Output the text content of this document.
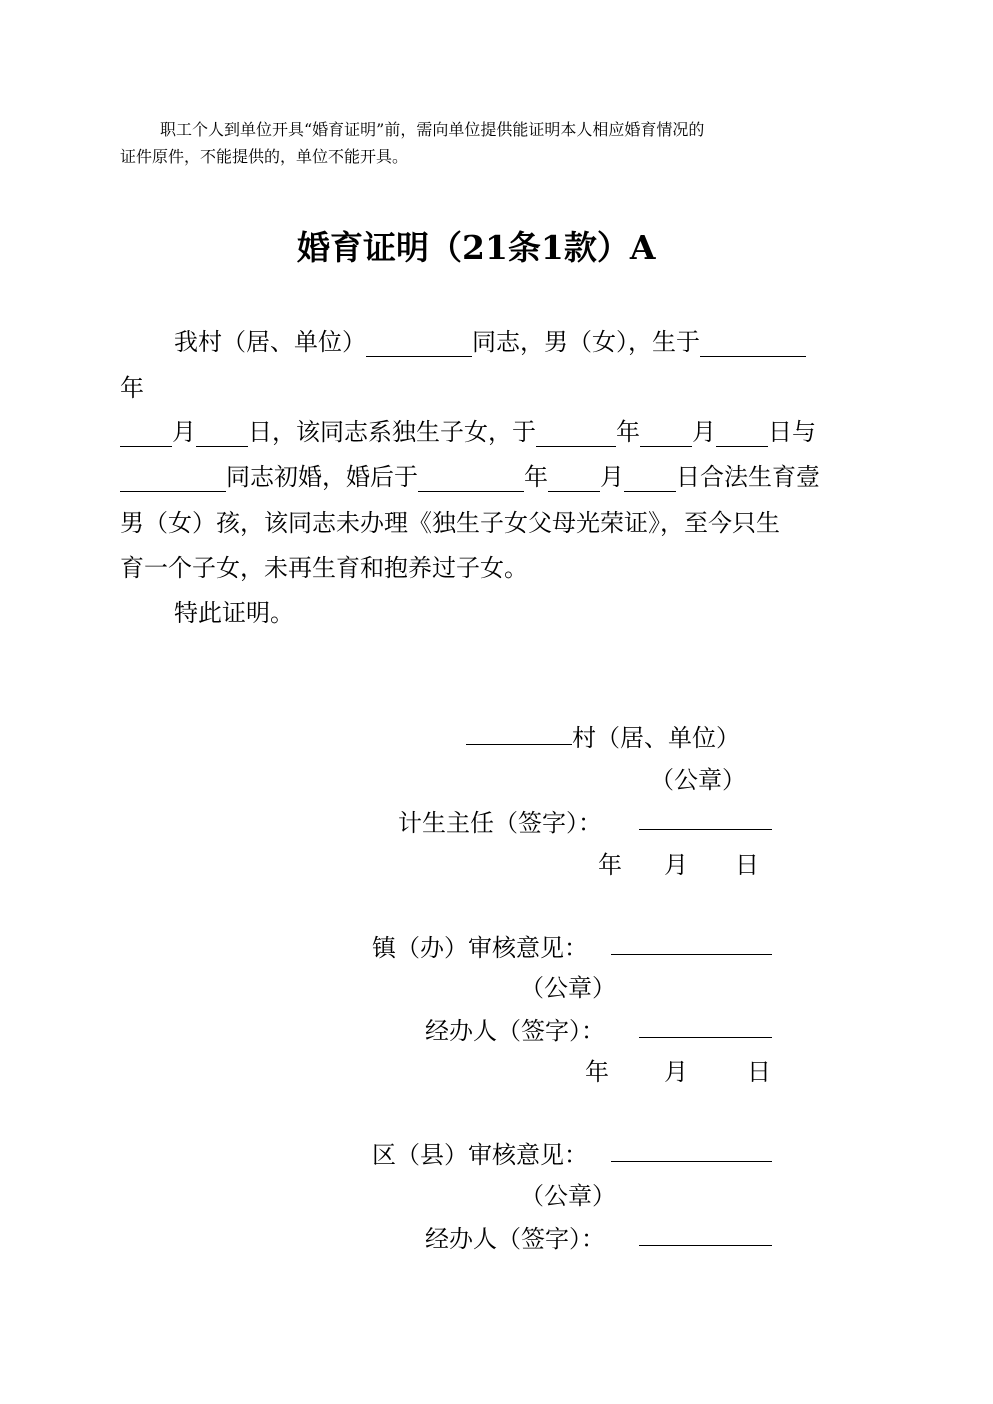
职工个人到单位开具“婚育证明”前，需向单位提供能证明本人相应婚育情况的
证件原件，不能提供的，单位不能开具。
婚育证明（21条1款）A
我村（居、单位）	同志，男（女），生于
年
月 日，该同志系独生子女，于	年 月 日与
同志初婚，婚后于	年 月 日合法生育壹
男（女）孩，该同志未办理《独生子女父母光荣证》，至今只生
育一个子女，未再生育和抱养过子女。
特此证明。
村（居、单位）
（公章）
计生主任（签字）：
年 月 日
镇（办）审核意见：
（公章）
经办人（签字）：
年 月 日
区（县）审核意见：
（公章）
经办人（签字）：
